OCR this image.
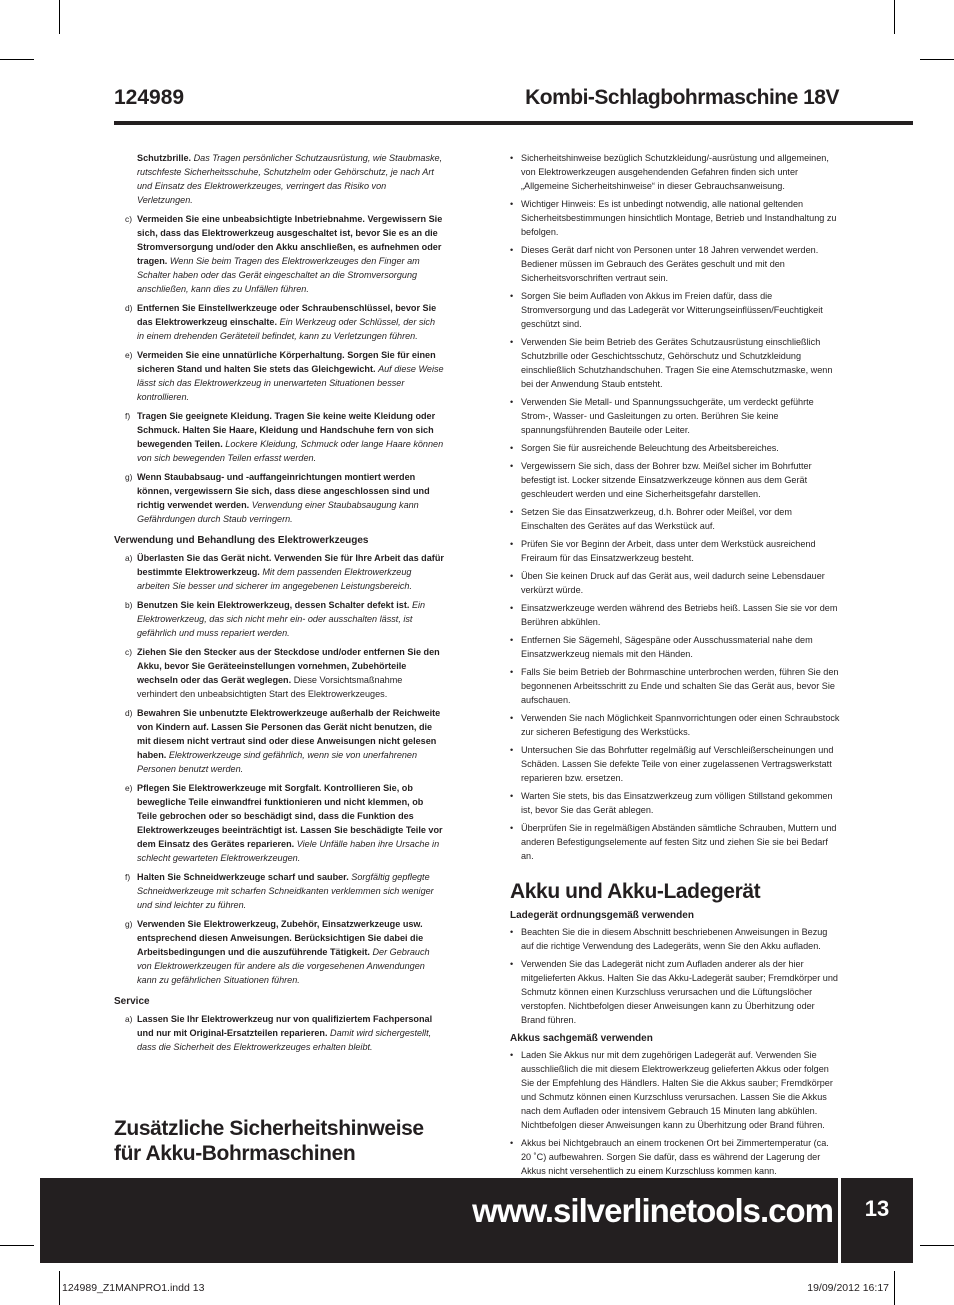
124989	Kombi-Schlagbohrmaschine 18V
Schutzbrille. Das Tragen persönlicher Schutzausrüstung, wie Staubmaske, rutschfeste Sicherheitsschuhe, Schutzhelm oder Gehörschutz, je nach Art und Einsatz des Elektrowerkzeuges, verringert das Risiko von Verletzungen.
c) Vermeiden Sie eine unbeabsichtigte Inbetriebnahme. Vergewissern Sie sich, dass das Elektrowerkzeug ausgeschaltet ist, bevor Sie es an die Stromversorgung und/oder den Akku anschließen, es aufnehmen oder tragen. Wenn Sie beim Tragen des Elektrowerkzeuges den Finger am Schalter haben oder das Gerät eingeschaltet an die Stromversorgung anschließen, kann dies zu Unfällen führen.
d) Entfernen Sie Einstellwerkzeuge oder Schraubenschlüssel, bevor Sie das Elektrowerkzeug einschalte. Ein Werkzeug oder Schlüssel, der sich in einem drehenden Geräteteil befindet, kann zu Verletzungen führen.
e) Vermeiden Sie eine unnatürliche Körperhaltung. Sorgen Sie für einen sicheren Stand und halten Sie stets das Gleichgewicht. Auf diese Weise lässt sich das Elektrowerkzeug in unerwarteten Situationen besser kontrollieren.
f) Tragen Sie geeignete Kleidung. Tragen Sie keine weite Kleidung oder Schmuck. Halten Sie Haare, Kleidung und Handschuhe fern von sich bewegenden Teilen. Lockere Kleidung, Schmuck oder lange Haare können von sich bewegenden Teilen erfasst werden.
g) Wenn Staubabsaug- und -auffangeinrichtungen montiert werden können, vergewissern Sie sich, dass diese angeschlossen sind und richtig verwendet werden. Verwendung einer Staubabsaugung kann Gefährdungen durch Staub verringern.
Verwendung und Behandlung des Elektrowerkzeuges
a) Überlasten Sie das Gerät nicht. Verwenden Sie für Ihre Arbeit das dafür bestimmte Elektrowerkzeug. Mit dem passenden Elektrowerkzeug arbeiten Sie besser und sicherer im angegebenen Leistungsbereich.
b) Benutzen Sie kein Elektrowerkzeug, dessen Schalter defekt ist. Ein Elektrowerkzeug, das sich nicht mehr ein- oder ausschalten lässt, ist gefährlich und muss repariert werden.
c) Ziehen Sie den Stecker aus der Steckdose und/oder entfernen Sie den Akku, bevor Sie Geräteeinstellungen vornehmen, Zubehörteile wechseln oder das Gerät weglegen. Diese Vorsichtsmaßnahme verhindert den unbeabsichtigten Start des Elektrowerkzeuges.
d) Bewahren Sie unbenutzte Elektrowerkzeuge außerhalb der Reichweite von Kindern auf. Lassen Sie Personen das Gerät nicht benutzen, die mit diesem nicht vertraut sind oder diese Anweisungen nicht gelesen haben. Elektrowerkzeuge sind gefährlich, wenn sie von unerfahrenen Personen benutzt werden.
e) Pflegen Sie Elektrowerkzeuge mit Sorgfalt. Kontrollieren Sie, ob bewegliche Teile einwandfrei funktionieren und nicht klemmen, ob Teile gebrochen oder so beschädigt sind, dass die Funktion des Elektrowerkzeuges beeinträchtigt ist. Lassen Sie beschädigte Teile vor dem Einsatz des Gerätes reparieren. Viele Unfälle haben ihre Ursache in schlecht gewarteten Elektrowerkzeugen.
f) Halten Sie Schneidwerkzeuge scharf und sauber. Sorgfältig gepflegte Schneidwerkzeuge mit scharfen Schneidkanten verklemmen sich weniger und sind leichter zu führen.
g) Verwenden Sie Elektrowerkzeug, Zubehör, Einsatzwerkzeuge usw. entsprechend diesen Anweisungen. Berücksichtigen Sie dabei die Arbeitsbedingungen und die auszuführende Tätigkeit. Der Gebrauch von Elektrowerkzeugen für andere als die vorgesehenen Anwendungen kann zu gefährlichen Situationen führen.
Service
a) Lassen Sie Ihr Elektrowerkzeug nur von qualifiziertem Fachpersonal und nur mit Original-Ersatzteilen reparieren. Damit wird sichergestellt, dass die Sicherheit des Elektrowerkzeuges erhalten bleibt.
Zusätzliche Sicherheitshinweise
für Akku-Bohrmaschinen
• Sicherheitshinweise bezüglich Schutzkleidung/-ausrüstung und allgemeinen, von Elektrowerkzeugen ausgehendenden Gefahren finden sich unter „Allgemeine Sicherheitshinweise“ in dieser Gebrauchsanweisung.
• Wichtiger Hinweis: Es ist unbedingt notwendig, alle national geltenden Sicherheitsbestimmungen hinsichtlich Montage, Betrieb und Instandhaltung zu befolgen.
• Dieses Gerät darf nicht von Personen unter 18 Jahren verwendet werden. Bediener müssen im Gebrauch des Gerätes geschult und mit den Sicherheitsvorschriften vertraut sein.
• Sorgen Sie beim Aufladen von Akkus im Freien dafür, dass die Stromversorgung und das Ladegerät vor Witterungseinflüssen/Feuchtigkeit geschützt sind.
• Verwenden Sie beim Betrieb des Gerätes Schutzausrüstung einschließlich Schutzbrille oder Geschichtsschutz, Gehörschutz und Schutzkleidung einschließlich Schutzhandschuhen. Tragen Sie eine Atemschutzmaske, wenn bei der Anwendung Staub entsteht.
• Verwenden Sie Metall- und Spannungssuchgeräte, um verdeckt geführte Strom-, Wasser- und Gasleitungen zu orten. Berühren Sie keine spannungsführenden Bauteile oder Leiter.
• Sorgen Sie für ausreichende Beleuchtung des Arbeitsbereiches.
• Vergewissern Sie sich, dass der Bohrer bzw. Meißel sicher im Bohrfutter befestigt ist. Locker sitzende Einsatzwerkzeuge können aus dem Gerät geschleudert werden und eine Sicherheitsgefahr darstellen.
• Setzen Sie das Einsatzwerkzeug, d.h. Bohrer oder Meißel, vor dem Einschalten des Gerätes auf das Werkstück auf.
• Prüfen Sie vor Beginn der Arbeit, dass unter dem Werkstück ausreichend Freiraum für das Einsatzwerkzeug besteht.
• Üben Sie keinen Druck auf das Gerät aus, weil dadurch seine Lebensdauer verkürzt würde.
• Einsatzwerkzeuge werden während des Betriebs heiß. Lassen Sie sie vor dem Berühren abkühlen.
• Entfernen Sie Sägemehl, Sägespäne oder Ausschussmaterial nahe dem Einsatzwerkzeug niemals mit den Händen.
• Falls Sie beim Betrieb der Bohrmaschine unterbrochen werden, führen Sie den begonnenen Arbeitsschritt zu Ende und schalten Sie das Gerät aus, bevor Sie aufschauen.
• Verwenden Sie nach Möglichkeit Spannvorrichtungen oder einen Schraubstock zur sicheren Befestigung des Werkstücks.
• Untersuchen Sie das Bohrfutter regelmäßig auf Verschleißerscheinungen und Schäden. Lassen Sie defekte Teile von einer zugelassenen Vertragswerkstatt reparieren bzw. ersetzen.
• Warten Sie stets, bis das Einsatzwerkzeug zum völligen Stillstand gekommen ist, bevor Sie das Gerät ablegen.
• Überprüfen Sie in regelmäßigen Abständen sämtliche Schrauben, Muttern und anderen Befestigungselemente auf festen Sitz und ziehen Sie sie bei Bedarf an.
Akku und Akku-Ladegerät
Ladegerät ordnungsgemäß verwenden
• Beachten Sie die in diesem Abschnitt beschriebenen Anweisungen in Bezug auf die richtige Verwendung des Ladegeräts, wenn Sie den Akku aufladen.
• Verwenden Sie das Ladegerät nicht zum Aufladen anderer als der hier mitgelieferten Akkus. Halten Sie das Akku-Ladegerät sauber; Fremdkörper und Schmutz können einen Kurzschluss verursachen und die Lüftungslöcher verstopfen. Nichtbefolgen dieser Anweisungen kann zu Überhitzung oder Brand führen.
Akkus sachgemäß verwenden
• Laden Sie Akkus nur mit dem zugehörigen Ladegerät auf. Verwenden Sie ausschließlich die mit diesem Elektrowerkzeug gelieferten Akkus oder folgen Sie der Empfehlung des Händlers. Halten Sie die Akkus sauber; Fremdkörper und Schmutz können einen Kurzschluss verursachen. Lassen Sie die Akkus nach dem Aufladen oder intensivem Gebrauch 15 Minuten lang abkühlen. Nichtbefolgen dieser Anweisungen kann zu Überhitzung oder Brand führen.
• Akkus bei Nichtgebrauch an einem trockenen Ort bei Zimmertemperatur (ca. 20 ˚C) aufbewahren. Sorgen Sie dafür, dass es während der Lagerung der Akkus nicht versehentlich zu einem Kurzschluss kommen kann.
www.silverlinetools.com	13
124989_Z1MANPRO1.indd 13	19/09/2012 16:17
